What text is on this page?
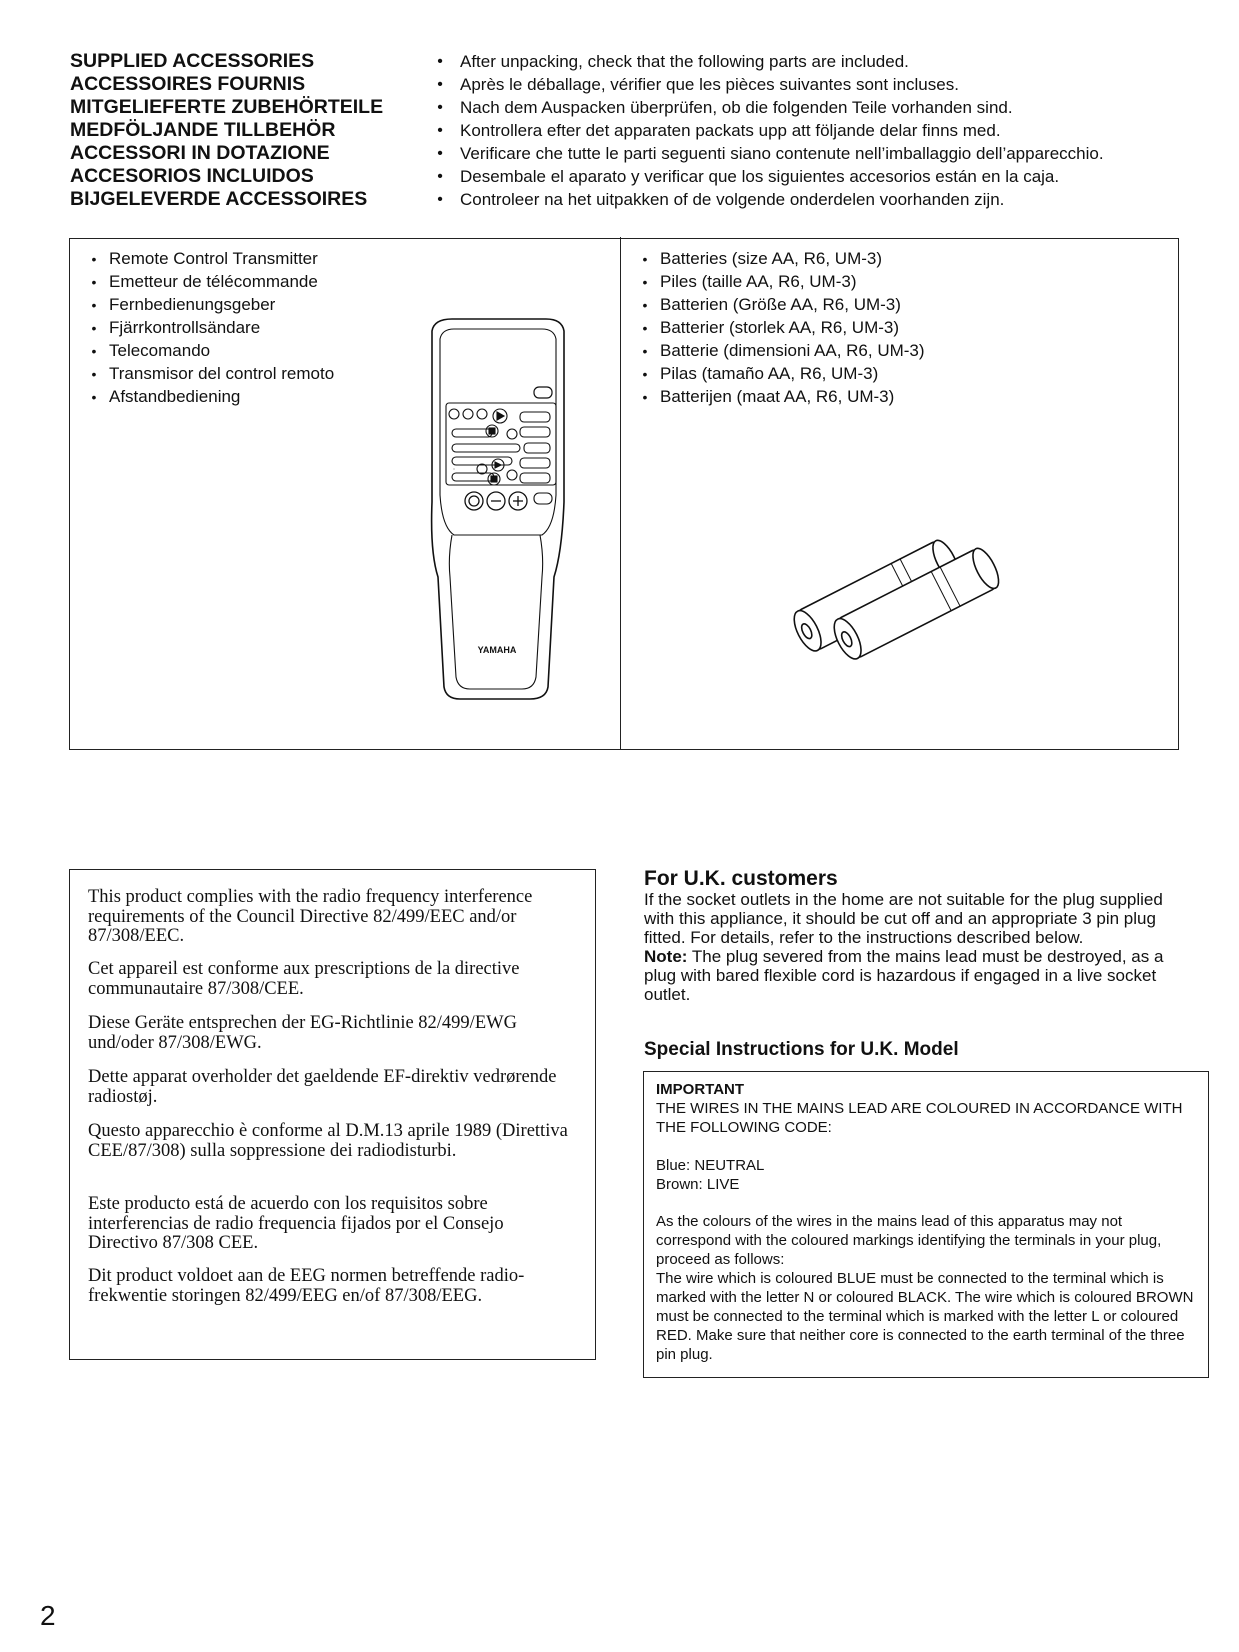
SUPPLIED ACCESSORIES	•	After unpacking, check that the following parts are included.
ACCESSOIRES FOURNIS	•	Après le déballage, vérifier que les pièces suivantes sont incluses.
MITGELIEFERTE ZUBEHÖRTEILE	•	Nach dem Auspacken überprüfen, ob die folgenden Teile vorhanden sind.
MEDFÖLJANDE TILLBEHÖR	•	Kontrollera efter det apparaten packats upp att följande delar finns med.
ACCESSORI IN DOTAZIONE	•	Verificare che tutte le parti seguenti siano contenute nell’imballaggio dell’apparecchio.
ACCESORIOS INCLUIDOS	•	Desembale el aparato y verificar que los siguientes accesorios están en la caja.
BIJGELEVERDE ACCESSOIRES	•	Controleer na het uitpakken of de volgende onderdelen voorhanden zijn.
• Remote Control Transmitter
• Emetteur de télécommande
• Fernbedienungsgeber
• Fjärrkontrollsändare
• Telecomando
• Transmisor del control remoto
• Afstandbediening
YAMAHA
• Batteries (size AA, R6, UM-3)
• Piles (taille AA, R6, UM-3)
• Batterien (Größe AA, R6, UM-3)
• Batterier (storlek AA, R6, UM-3)
• Batterie (dimensioni AA, R6, UM-3)
• Pilas (tamaño AA, R6, UM-3)
• Batterijen (maat AA, R6, UM-3)
This product complies with the radio frequency interference requirements of the Council Directive 82/499/EEC and/or 87/308/EEC.
Cet appareil est conforme aux prescriptions de la directive communautaire 87/308/CEE.
Diese Geräte entsprechen der EG-Richtlinie 82/499/EWG und/oder 87/308/EWG.
Dette apparat overholder det gaeldende EF-direktiv vedrørende radiostøj.
Questo apparecchio è conforme al D.M.13 aprile 1989 (Direttiva CEE/87/308) sulla soppressione dei radiodisturbi.
Este producto está de acuerdo con los requisitos sobre interferencias de radio frequencia fijados por el Consejo Directivo 87/308 CEE.
Dit product voldoet aan de EEG normen betreffende radio-frekwentie storingen 82/499/EEG en/of 87/308/EEG.
For U.K. customers

If the socket outlets in the home are not suitable for the plug supplied with this appliance, it should be cut off and an appropriate 3 pin plug fitted. For details, refer to the instructions described below.

Note: The plug severed from the mains lead must be destroyed, as a plug with bared flexible cord is hazardous if engaged in a live socket outlet.

Special Instructions for U.K. Model
IMPORTANT
THE WIRES IN THE MAINS LEAD ARE COLOURED IN ACCORDANCE WITH THE FOLLOWING CODE:
Blue: NEUTRAL
Brown: LIVE
As the colours of the wires in the mains lead of this apparatus may not correspond with the coloured markings identifying the terminals in your plug, proceed as follows:
The wire which is coloured BLUE must be connected to the terminal which is marked with the letter N or coloured BLACK. The wire which is coloured BROWN must be connected to the terminal which is marked with the letter L or coloured RED. Make sure that neither core is connected to the earth terminal of the three pin plug.
2
